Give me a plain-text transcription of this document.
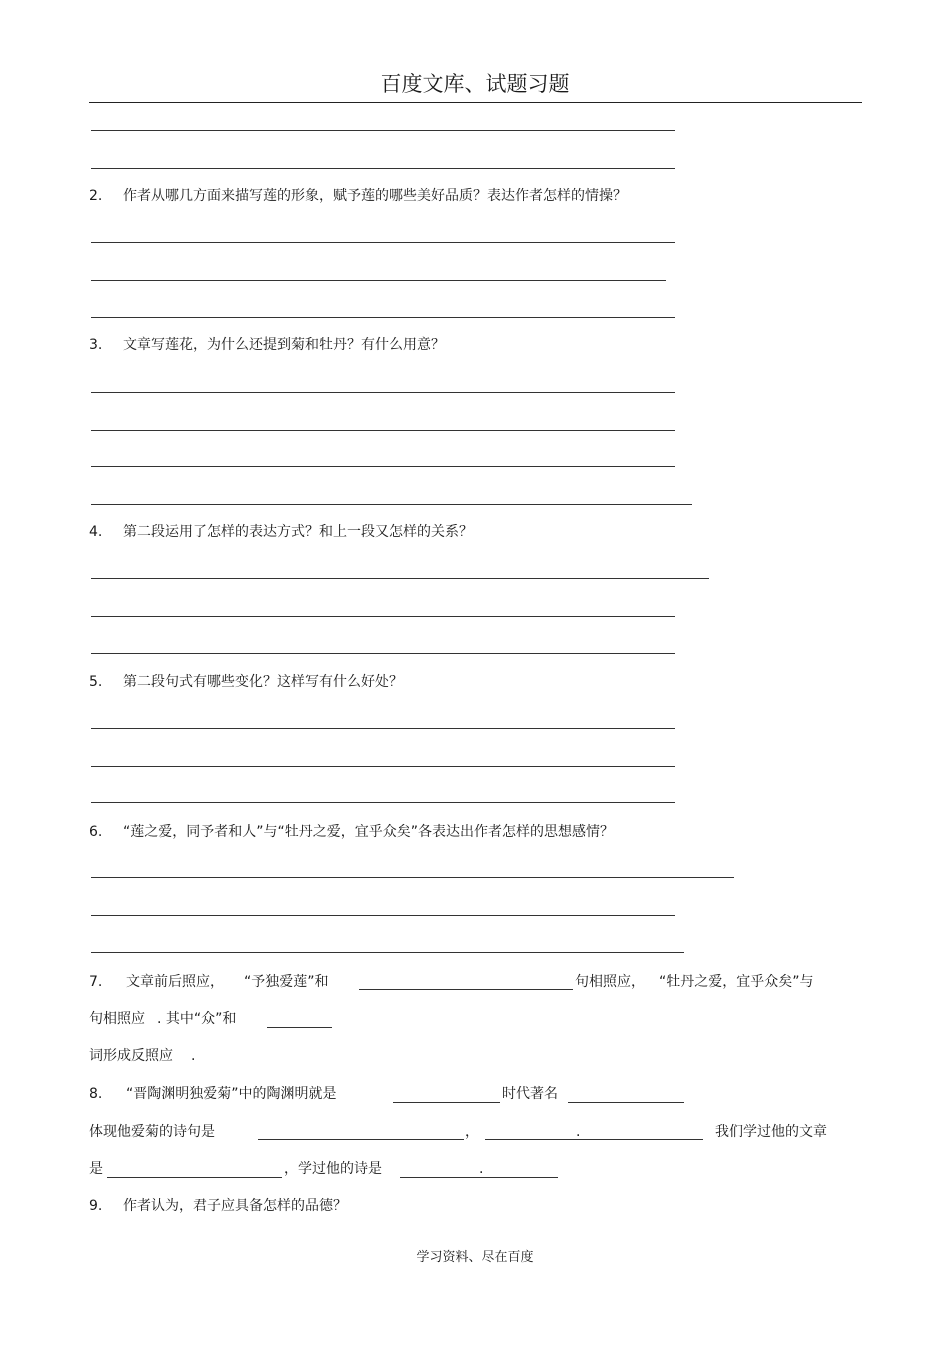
百度文库、试题习题
2. 作者从哪几方面来描写莲的形象，赋予莲的哪些美好品质？表达作者怎样的情操？
3. 文章写莲花，为什么还提到菊和牡丹？有什么用意？
4. 第二段运用了怎样的表达方式？和上一段又怎样的关系？
5. 第二段句式有哪些变化？这样写有什么好处？
6. “莲之爱，同予者和人”与“牡丹之爱，宜乎众矣”各表达出作者怎样的思想感情？
7. 文章前后照应， “予独爱莲”和	句相照应， “牡丹之爱，宜乎众矣”与
句相照应 . 其中“众”和
词形成反照应 .
8. “晋陶渊明独爱菊”中的陶渊明就是	时代著名
体现他爱菊的诗句是	，	.	我们学过他的文章
是	，学过他的诗是	.
9. 作者认为，君子应具备怎样的品德？
学习资料、尽在百度
